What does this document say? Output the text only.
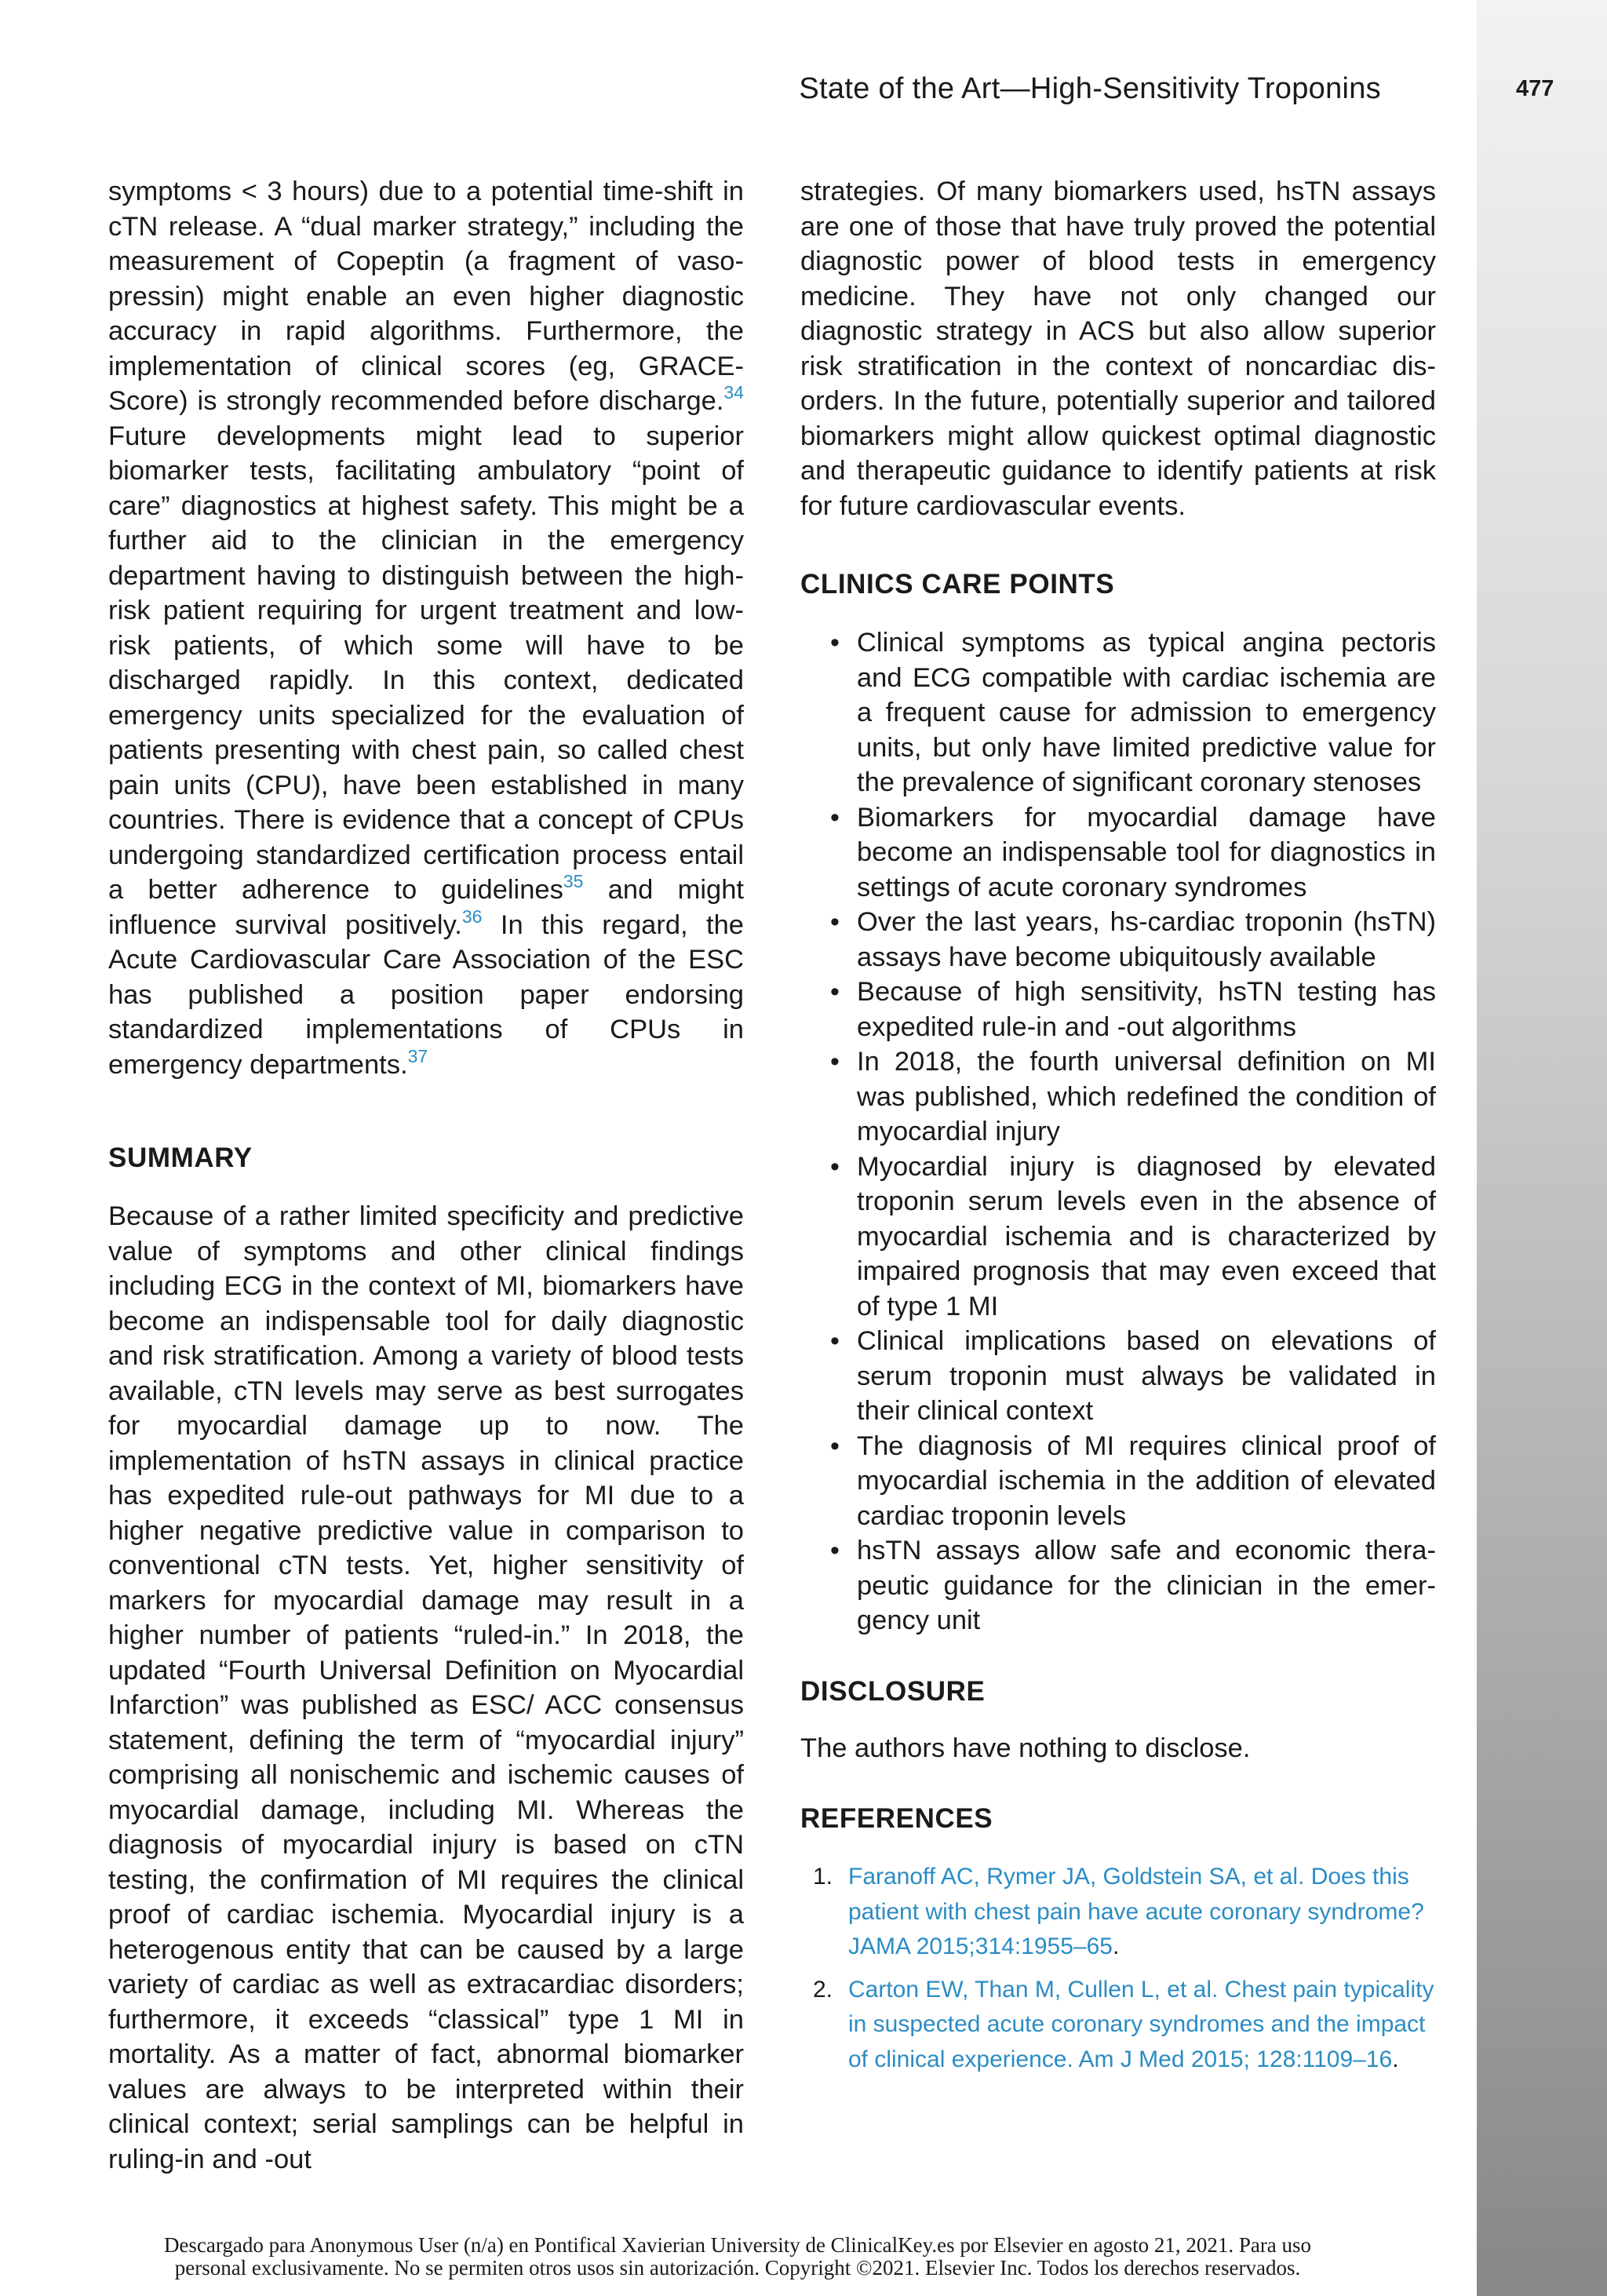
State of the Art—High-Sensitivity Troponins	477

symptoms < 3 hours) due to a potential time-shift in cTN release. A “dual marker strategy,” including the measurement of Copeptin (a fragment of vasopressin) might enable an even higher diagnostic accuracy in rapid algorithms. Furthermore, the implementation of clinical scores (eg, GRACE-Score) is strongly recommended before discharge.$^{34}$ Future developments might lead to superior biomarker tests, facilitating ambulatory “point of care” diagnostics at highest safety. This might be a further aid to the clinician in the emergency department having to distinguish between the high-risk patient requiring for urgent treatment and low-risk patients, of which some will have to be discharged rapidly. In this context, dedicated emergency units specialized for the evaluation of patients presenting with chest pain, so called chest pain units (CPU), have been established in many countries. There is evidence that a concept of CPUs undergoing standardized certification process entail a better adherence to guidelines$^{35}$ and might influence survival positively.$^{36}$ In this regard, the Acute Cardiovascular Care Association of the ESC has published a position paper endorsing standardized implementations of CPUs in emergency departments.$^{37}$

SUMMARY

Because of a rather limited specificity and predictive value of symptoms and other clinical findings including ECG in the context of MI, biomarkers have become an indispensable tool for daily diagnostic and risk stratification. Among a variety of blood tests available, cTN levels may serve as best surrogates for myocardial damage up to now. The implementation of hsTN assays in clinical practice has expedited rule-out pathways for MI due to a higher negative predictive value in comparison to conventional cTN tests. Yet, higher sensitivity of markers for myocardial damage may result in a higher number of patients “ruled-in.” In 2018, the updated “Fourth Universal Definition on Myocardial Infarction” was published as ESC/ ACC consensus statement, defining the term of “myocardial injury” comprising all nonischemic and ischemic causes of myocardial damage, including MI. Whereas the diagnosis of myocardial injury is based on cTN testing, the confirmation of MI requires the clinical proof of cardiac ischemia. Myocardial injury is a heterogenous entity that can be caused by a large variety of cardiac as well as extracardiac disorders; furthermore, it exceeds “classical” type 1 MI in mortality. As a matter of fact, abnormal biomarker values are always to be interpreted within their clinical context; serial samplings can be helpful in ruling-in and -out

strategies. Of many biomarkers used, hsTN assays are one of those that have truly proved the potential diagnostic power of blood tests in emergency medicine. They have not only changed our diagnostic strategy in ACS but also allow superior risk stratification in the context of noncardiac disorders. In the future, potentially superior and tailored biomarkers might allow quickest optimal diagnostic and therapeutic guidance to identify patients at risk for future cardiovascular events.

CLINICS CARE POINTS
• Clinical symptoms as typical angina pectoris and ECG compatible with cardiac ischemia are a frequent cause for admission to emergency units, but only have limited predictive value for the prevalence of significant coronary stenoses
• Biomarkers for myocardial damage have become an indispensable tool for diagnostics in settings of acute coronary syndromes
• Over the last years, hs-cardiac troponin (hsTN) assays have become ubiquitously available
• Because of high sensitivity, hsTN testing has expedited rule-in and -out algorithms
• In 2018, the fourth universal definition on MI was published, which redefined the condition of myocardial injury
• Myocardial injury is diagnosed by elevated troponin serum levels even in the absence of myocardial ischemia and is characterized by impaired prognosis that may even exceed that of type 1 MI
• Clinical implications based on elevations of serum troponin must always be validated in their clinical context
• The diagnosis of MI requires clinical proof of myocardial ischemia in the addition of elevated cardiac troponin levels
• hsTN assays allow safe and economic therapeutic guidance for the clinician in the emergency unit
DISCLOSURE

The authors have nothing to disclose.

REFERENCES
1. Faranoff AC, Rymer JA, Goldstein SA, et al. Does this patient with chest pain have acute coronary syndrome? JAMA 2015;314:1955–65.
2. Carton EW, Than M, Cullen L, et al. Chest pain typicality in suspected acute coronary syndromes and the impact of clinical experience. Am J Med 2015; 128:1109–16.
Descargado para Anonymous User (n/a) en Pontifical Xavierian University de ClinicalKey.es por Elsevier en agosto 21, 2021. Para uso
personal exclusivamente. No se permiten otros usos sin autorización. Copyright ©2021. Elsevier Inc. Todos los derechos reservados.
